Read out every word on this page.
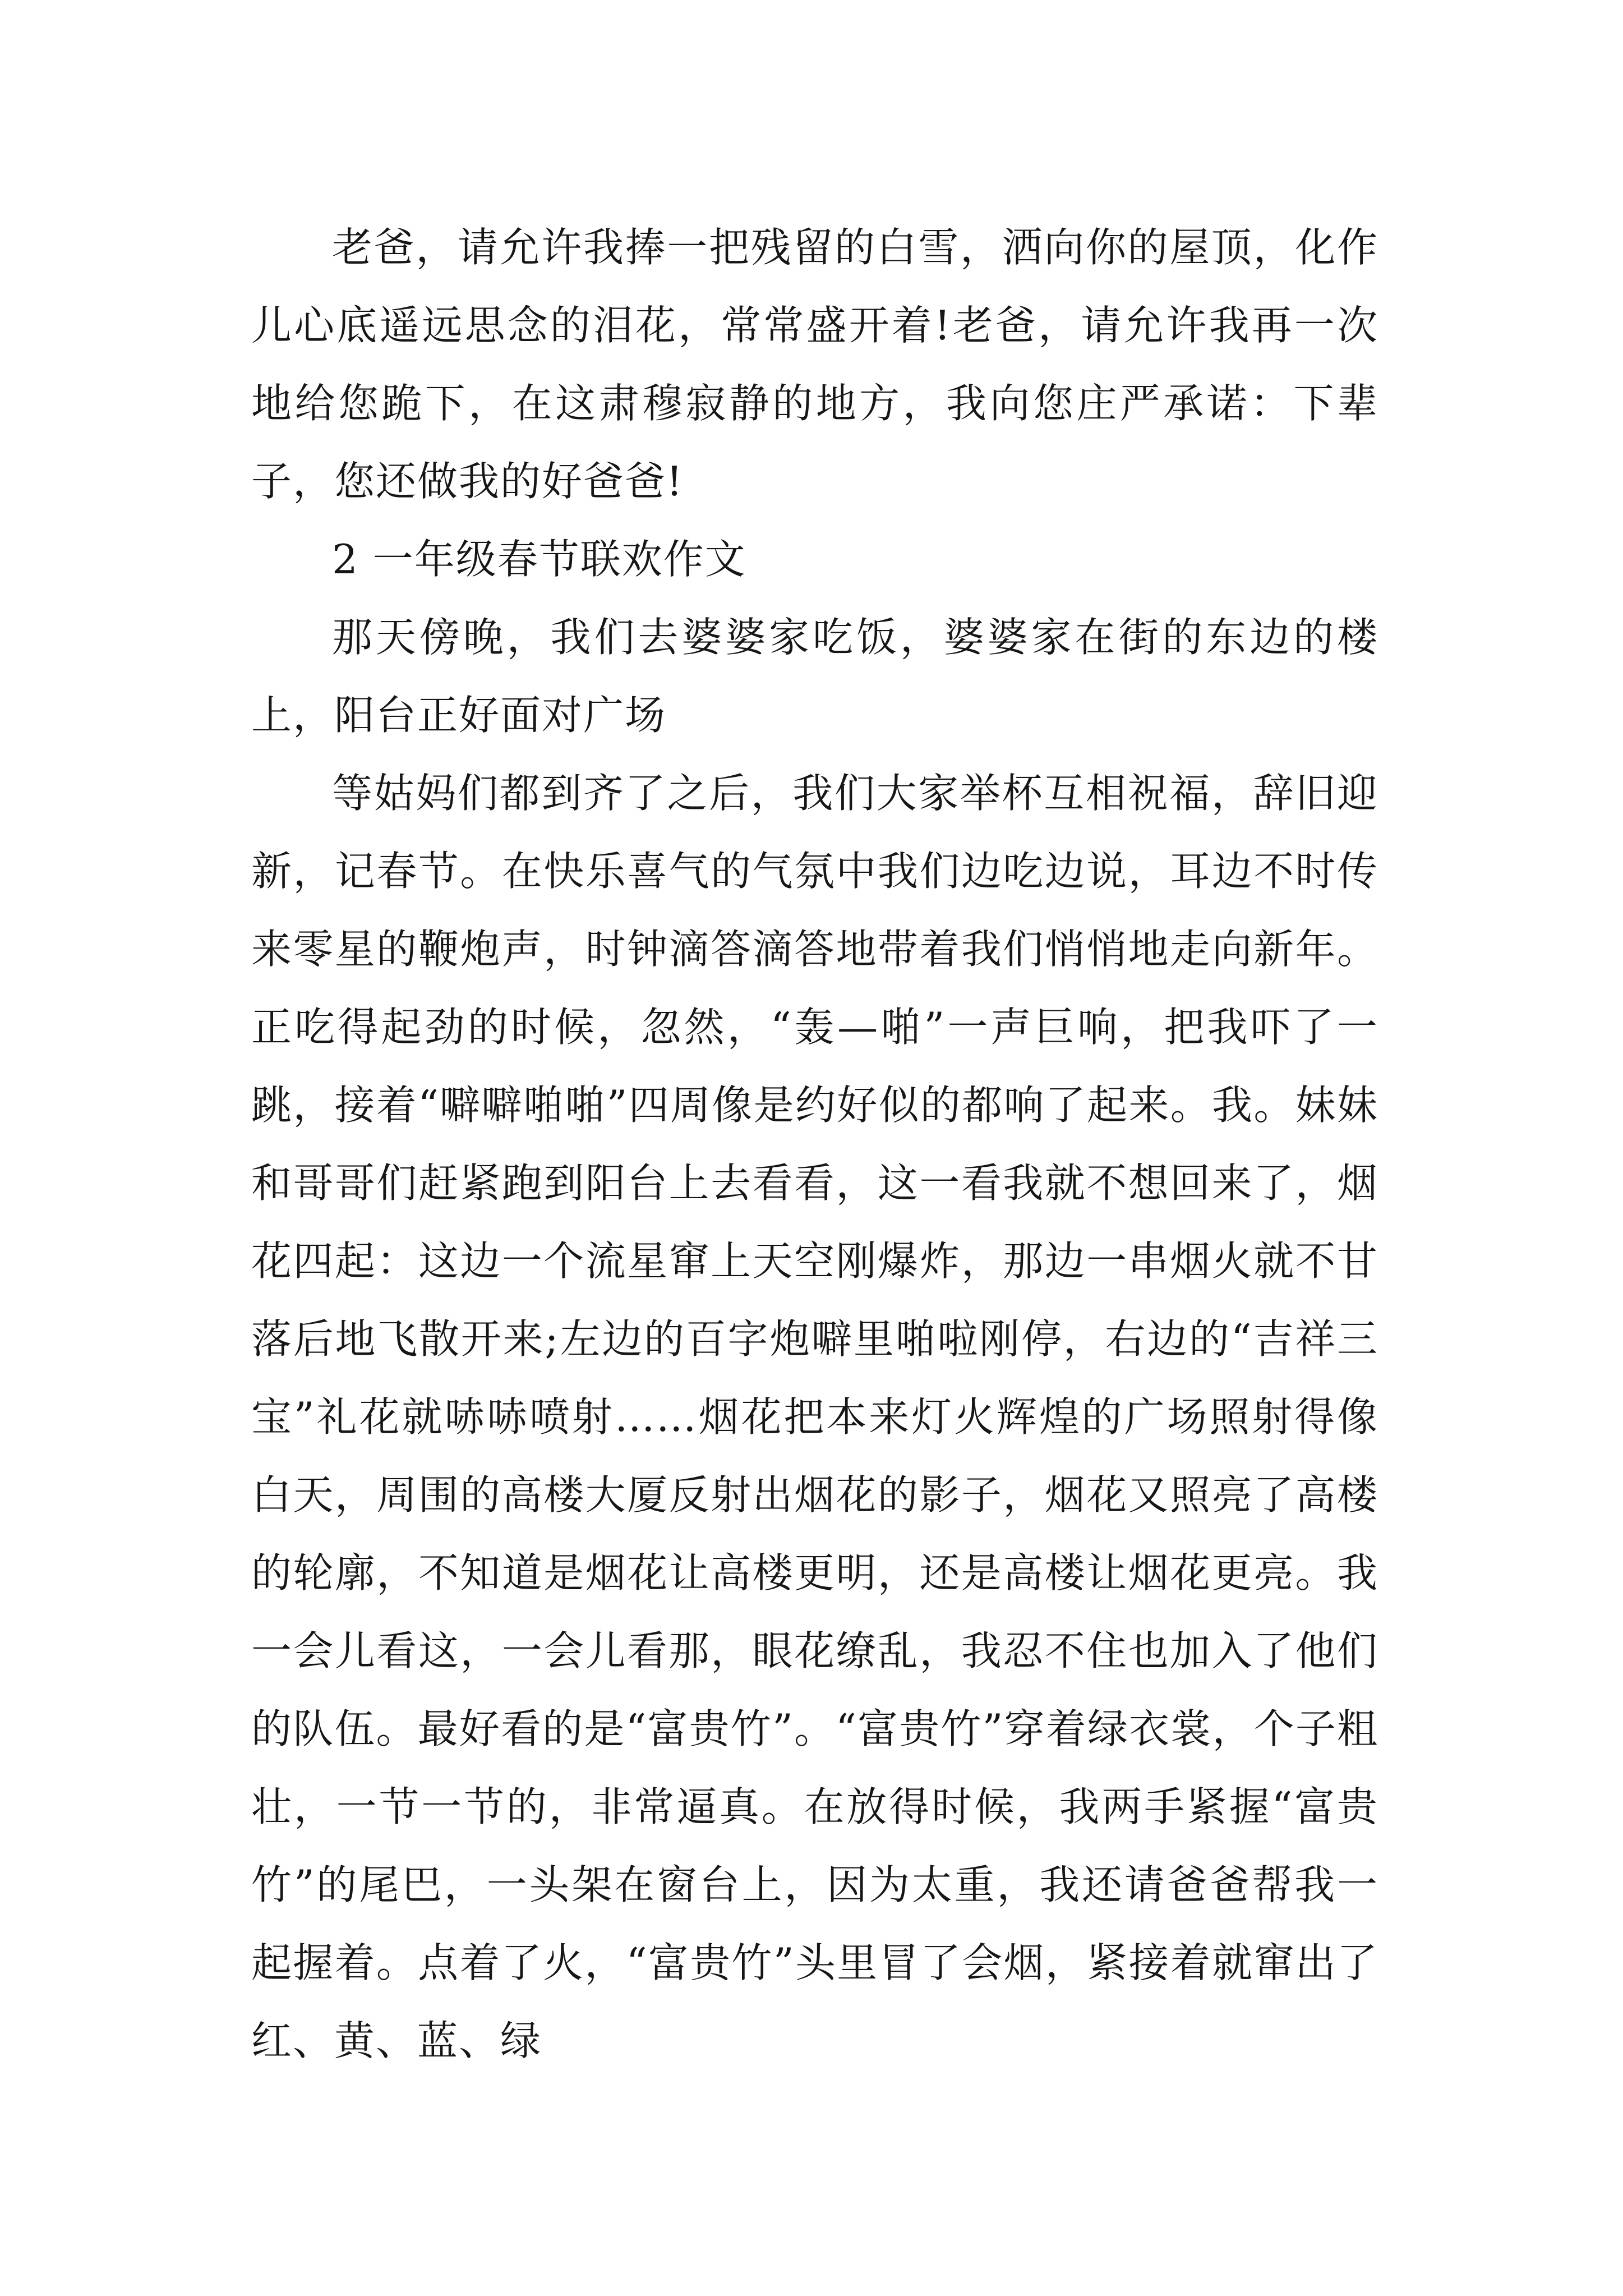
老爸，请允许我捧一把残留的白雪，洒向你的屋顶，化作儿心底遥远思念的泪花，常常盛开着!老爸，请允许我再一次地给您跪下，在这肃穆寂静的地方，我向您庄严承诺：下辈子，您还做我的好爸爸!

2 一年级春节联欢作文

那天傍晚，我们去婆婆家吃饭，婆婆家在街的东边的楼上，阳台正好面对广场

等姑妈们都到齐了之后，我们大家举杯互相祝福，辞旧迎新，记春节。在快乐喜气的气氛中我们边吃边说，耳边不时传来零星的鞭炮声，时钟滴答滴答地带着我们悄悄地走向新年。正吃得起劲的时候，忽然，“轰—啪”一声巨响，把我吓了一跳，接着“噼噼啪啪”四周像是约好似的都响了起来。我。妹妹和哥哥们赶紧跑到阳台上去看看，这一看我就不想回来了，烟花四起：这边一个流星窜上天空刚爆炸，那边一串烟火就不甘落后地飞散开来;左边的百字炮噼里啪啦刚停，右边的“吉祥三宝”礼花就哧哧喷射……烟花把本来灯火辉煌的广场照射得像白天，周围的高楼大厦反射出烟花的影子，烟花又照亮了高楼的轮廓，不知道是烟花让高楼更明，还是高楼让烟花更亮。我一会儿看这，一会儿看那，眼花缭乱，我忍不住也加入了他们的队伍。最好看的是“富贵竹”。“富贵竹”穿着绿衣裳，个子粗壮，一节一节的，非常逼真。在放得时候，我两手紧握“富贵竹”的尾巴，一头架在窗台上，因为太重，我还请爸爸帮我一起握着。点着了火，“富贵竹”头里冒了会烟，紧接着就窜出了红、黄、蓝、绿
